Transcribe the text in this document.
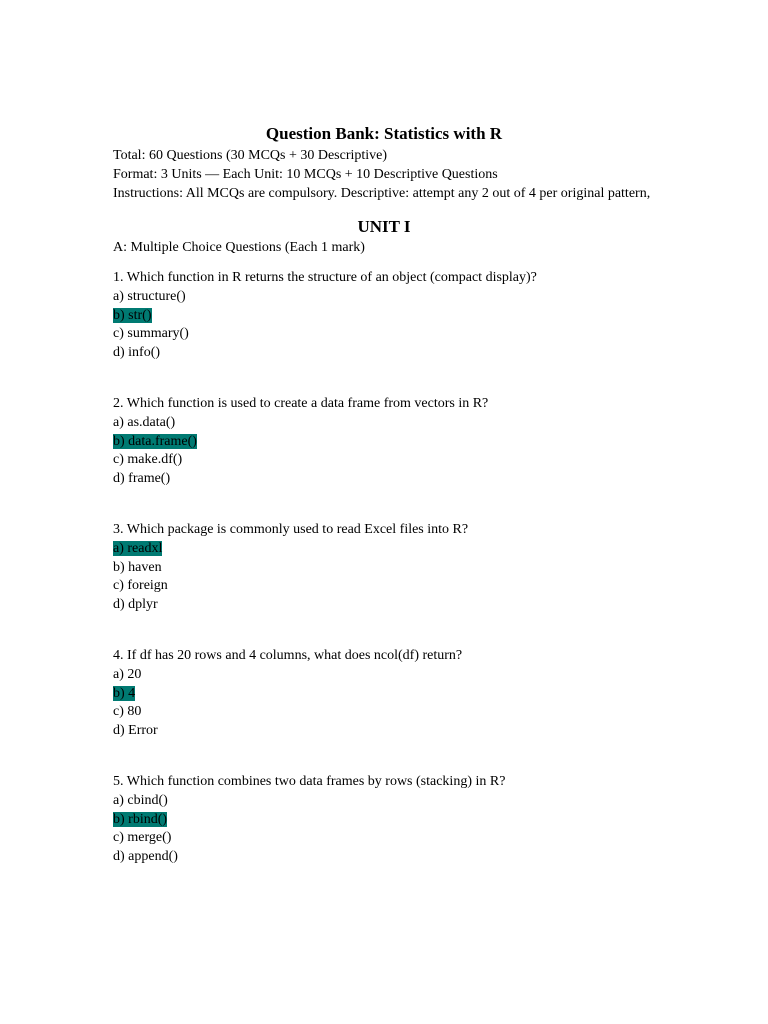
Question Bank: Statistics with R
Total: 60 Questions (30 MCQs + 30 Descriptive)
Format: 3 Units — Each Unit: 10 MCQs + 10 Descriptive Questions
Instructions: All MCQs are compulsory. Descriptive: attempt any 2 out of 4 per original pattern,
UNIT I
A: Multiple Choice Questions (Each 1 mark)
1. Which function in R returns the structure of an object (compact display)?
a) structure()
b) str()
c) summary()
d) info()
2. Which function is used to create a data frame from vectors in R?
a) as.data()
b) data.frame()
c) make.df()
d) frame()
3. Which package is commonly used to read Excel files into R?
a) readxl
b) haven
c) foreign
d) dplyr
4. If df has 20 rows and 4 columns, what does ncol(df) return?
a) 20
b) 4
c) 80
d) Error
5. Which function combines two data frames by rows (stacking) in R?
a) cbind()
b) rbind()
c) merge()
d) append()
